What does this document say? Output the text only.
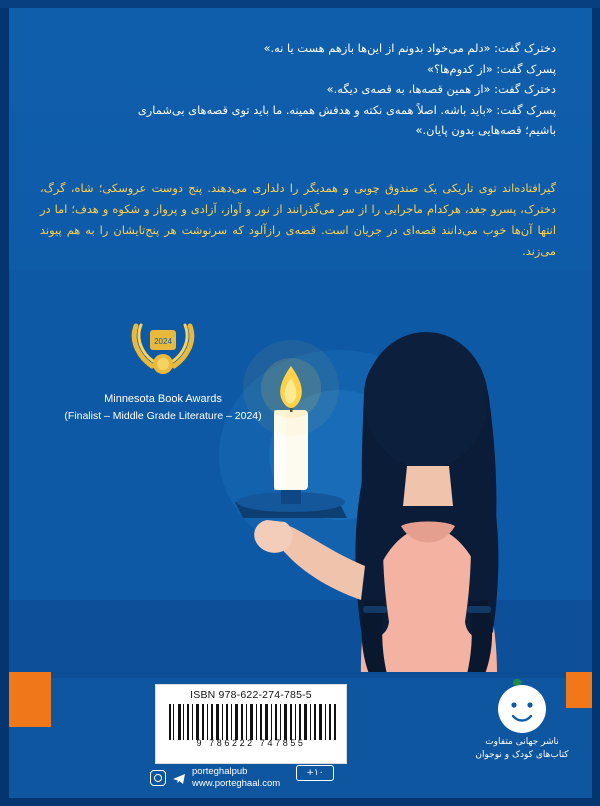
دخترک گفت: «دلم می‌خواد بدونم از این‌ها بازهم هست یا نه.»

پسرک گفت: «از کدوم‌ها؟»

دخترک گفت: «از همین قصه‌ها، به قصه‌ی دیگه.»

پسرک گفت: «باید باشه. اصلاً همه‌ی نکته و هدفش همینه. ما باید توی قصه‌های بی‌شماری

باشیم؛ قصه‌هایی بدون پایان.»

گیرافتاده‌اند توی تاریکی یک صندوق چوبی و همدیگر را دلداری می‌دهند. پنج دوست عروسکی؛ شاه، گرگ، دخترک، پسرو جغد، هرکدام ماجرایی را از سر می‌گذرانند از نور و آواز، آزادی و پرواز و شکوه و هدف؛ اما در انتها آن‌ها خوب می‌دانند قصه‌ای در جریان است. قصه‌ی رازآلود که سرنوشت هر پنج‌تایشان را به هم پیوند می‌زند.

2024
Minnesota Book Awards
(Finalist – Middle Grade Literature – 2024)
ISBN 978-622-274-785-5
9 786222 747855	ناشر جهانی متفاوت
کتاب‌های کودک و نوجوان
porteghalpub
www.porteghaal.com
۱۰+
